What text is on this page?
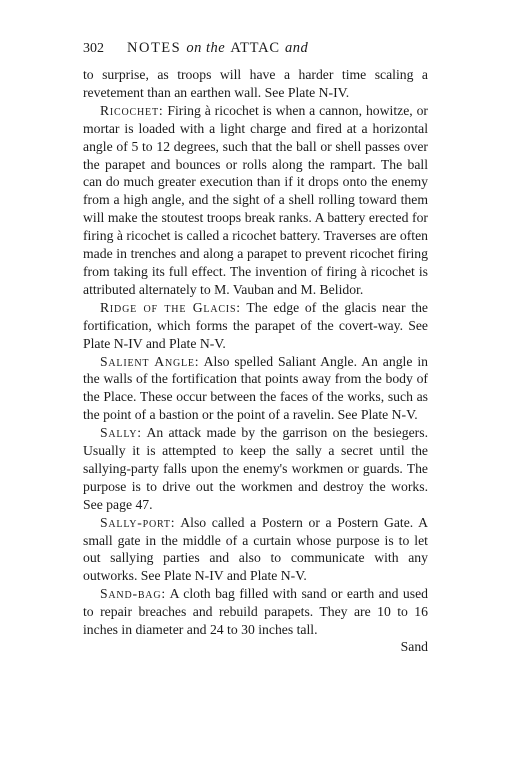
302	NOTES on the ATTAC and

to surprise, as troops will have a harder time scaling a revetement than an earthen wall. See Plate N-IV.

Ricochet: Firing à ricochet is when a cannon, howitze, or mortar is loaded with a light charge and fired at a horizontal angle of 5 to 12 degrees, such that the ball or shell passes over the parapet and bounces or rolls along the rampart. The ball can do much greater execution than if it drops onto the enemy from a high angle, and the sight of a shell rolling toward them will make the stoutest troops break ranks. A battery erected for firing à ricochet is called a ricochet battery. Traverses are often made in trenches and along a parapet to prevent ricochet firing from taking its full effect. The invention of firing à ricochet is attributed alternately to M. Vauban and M. Belidor.

Ridge of the Glacis: The edge of the glacis near the fortification, which forms the parapet of the covert-way. See Plate N-IV and Plate N-V.

Salient Angle: Also spelled Saliant Angle. An angle in the walls of the fortification that points away from the body of the Place. These occur between the faces of the works, such as the point of a bastion or the point of a ravelin. See Plate N-V.

Sally: An attack made by the garrison on the besiegers. Usually it is attempted to keep the sally a secret until the sallying-party falls upon the enemy's workmen or guards. The purpose is to drive out the workmen and destroy the works. See page 47.

Sally-port: Also called a Postern or a Postern Gate. A small gate in the middle of a curtain whose purpose is to let out sallying parties and also to communicate with any outworks. See Plate N-IV and Plate N-V.

Sand-bag: A cloth bag filled with sand or earth and used to repair breaches and rebuild parapets. They are 10 to 16 inches in diameter and 24 to 30 inches tall.

Sand
